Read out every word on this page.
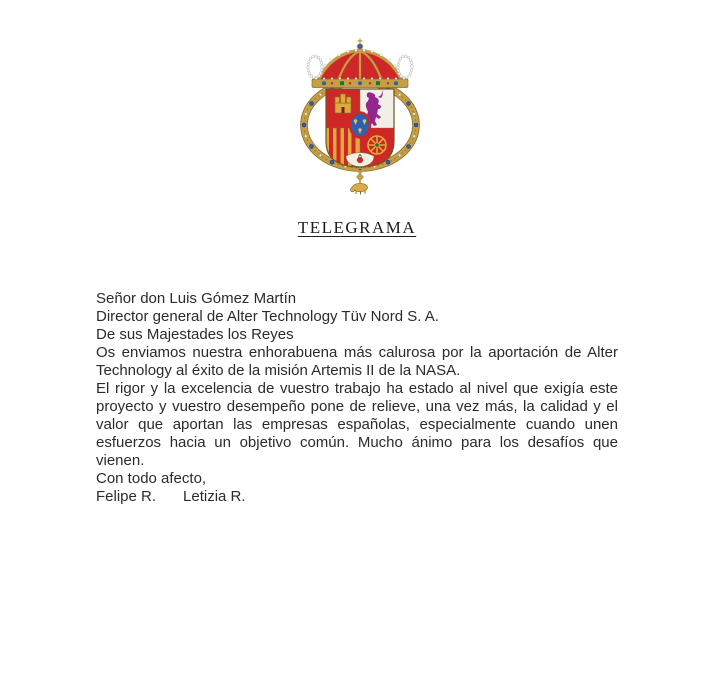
TELEGRAMA

Señor don Luis Gómez Martín
Director general de Alter Technology Tüv Nord S. A.

De sus Majestades los Reyes

Os enviamos nuestra enhorabuena más calurosa por la aportación de Alter Technology al éxito de la misión Artemis II de la NASA.

El rigor y la excelencia de vuestro trabajo ha estado al nivel que exigía este proyecto y vuestro desempeño pone de relieve, una vez más, la calidad y el valor que aportan las empresas españolas, especialmente cuando unen esfuerzos hacia un objetivo común. Mucho ánimo para los desafíos que vienen.

Con todo afecto,

Felipe R. Letizia R.
